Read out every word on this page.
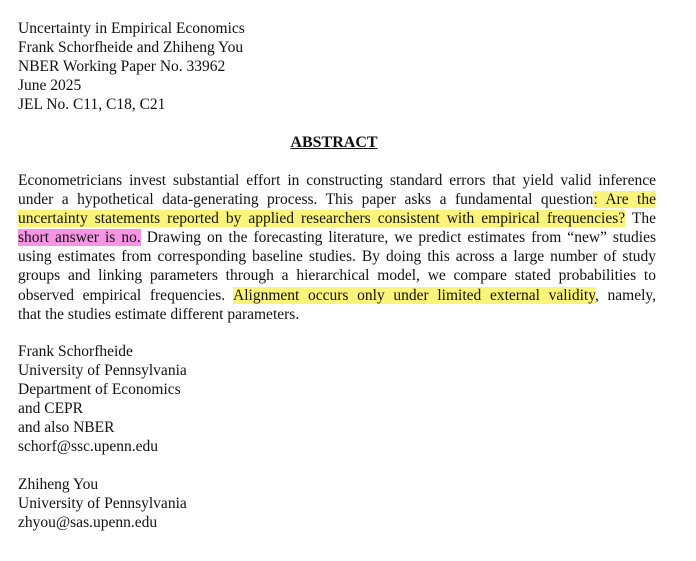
Uncertainty in Empirical Economics
Frank Schorfheide and Zhiheng You
NBER Working Paper No. 33962
June 2025
JEL No. C11, C18, C21
ABSTRACT
Econometricians invest substantial effort in constructing standard errors that yield valid inference
under a hypothetical data-generating process. This paper asks a fundamental question: Are the
uncertainty statements reported by applied researchers consistent with empirical frequencies? The
short answer is no. Drawing on the forecasting literature, we predict estimates from “new” studies
using estimates from corresponding baseline studies. By doing this across a large number of study
groups and linking parameters through a hierarchical model, we compare stated probabilities to
observed empirical frequencies. Alignment occurs only under limited external validity, namely,
that the studies estimate different parameters.
Frank Schorfheide
University of Pennsylvania
Department of Economics
and CEPR
and also NBER
schorf@ssc.upenn.edu
Zhiheng You
University of Pennsylvania
zhyou@sas.upenn.edu
